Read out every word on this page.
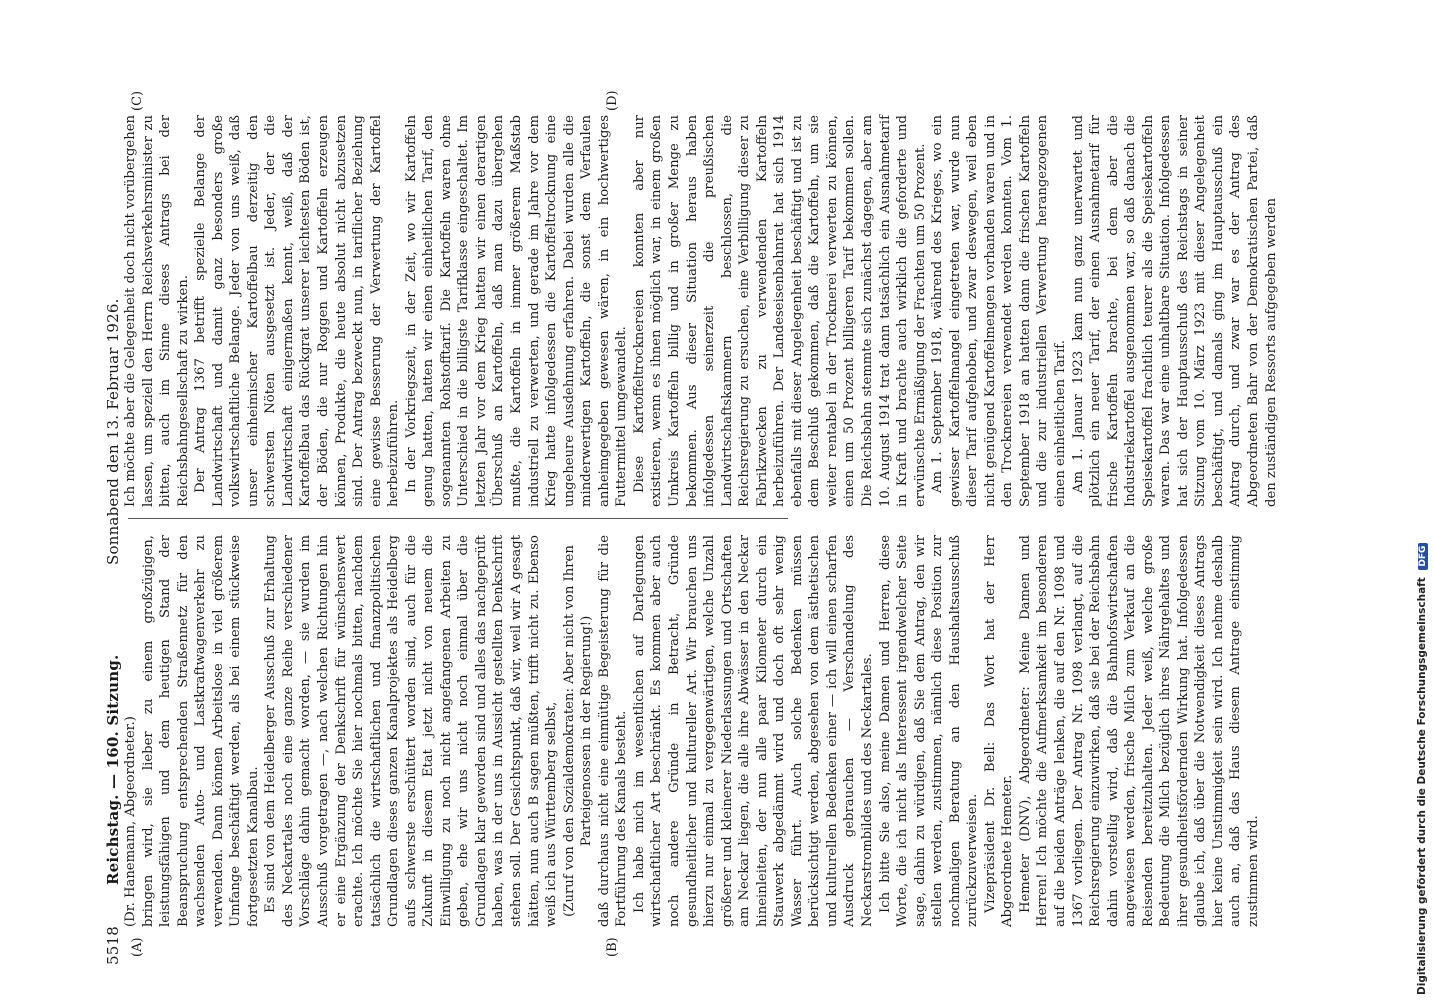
5518
Reichstag. — 160. Sitzung.
Sonnabend den 13. Februar 1926.
(A)	(B)
(C)	(D)

(Dr. Hanemann, Abgeordneter.) bringen wird, sie lieber zu einem großzügigen, leistungsfähigen und dem heutigen Stand der Beanspruchung entsprechenden Straßennetz für den wachsenden Auto- und Lastkraftwagenverkehr zu verwenden. Dann können Arbeitslose in viel größerem Umfange beschäftigt werden, als bei einem stückweise fortgesetzten Kanalbau. Es sind von dem Heidelberger Ausschuß zur Erhaltung des Neckartales noch eine ganze Reihe verschiedener Vorschläge dahin gemacht worden, — sie wurden im Ausschuß vorgetragen —, nach welchen Richtungen hin er eine Ergänzung der Denkschrift für wünschenswert erachte. Ich möchte Sie hier nochmals bitten, nachdem tatsächlich die wirtschaftlichen und finanzpolitischen Grundlagen dieses ganzen Kanalprojektes als Heidelberg aufs schwerste erschüttert worden sind, auch für die Zukunft in diesem Etat jetzt nicht von neuem die Einwilligung zu noch nicht angefangenen Arbeiten zu geben, ehe wir uns nicht noch einmal über die Grundlagen klar geworden sind und alles das nachgeprüft haben, was in der uns in Aussicht gestellten Denkschrift stehen soll. Der Gesichtspunkt, daß wir, weil wir A gesagt hätten, nun auch B sagen müßten, trifft nicht zu. Ebenso weiß ich aus Württemberg selbst, (Zuruf von den Sozialdemokraten: Aber nicht von Ihren Parteigenossen in der Regierung!) daß durchaus nicht eine einmütige Begeisterung für die Fortführung des Kanals besteht. Ich habe mich im wesentlichen auf Darlegungen wirtschaftlicher Art beschränkt. Es kommen aber auch noch andere Gründe in Betracht, Gründe gesundheitlicher und kultureller Art. Wir brauchen uns hierzu nur einmal zu vergegenwärtigen, welche Unzahl größerer und kleinerer Niederlassungen und Ortschaften am Neckar liegen, die alle ihre Abwässer in den Neckar hineinleiten, der nun alle paar Kilometer durch ein Stauwerk abgedämmt wird und doch oft sehr wenig Wasser führt. Auch solche Bedenken müssen berücksichtigt werden, abgesehen von dem ästhetischen und kulturellen Bedenken einer — ich will einen scharfen Ausdruck gebrauchen — Verschandelung des Neckarstrombildes und des Neckartales. Ich bitte Sie also, meine Damen und Herren, diese Worte, die ich nicht als Interessent irgendwelcher Seite sage, dahin zu würdigen, daß Sie dem Antrag, den wir stellen werden, zustimmen, nämlich diese Position zur nochmaligen Beratung an den Haushaltsausschuß zurückzuverweisen. Vizepräsident Dr. Bell: Das Wort hat der Herr Abgeordnete Hemeter. Hemeter (DNV), Abgeordneter: Meine Damen und Herren! Ich möchte die Aufmerksamkeit im besonderen auf die beiden Anträge lenken, die auf den Nr. 1098 und 1367 vorliegen. Der Antrag Nr. 1098 verlangt, auf die Reichsregierung einzuwirken, daß sie bei der Reichsbahn dahin vorstellig wird, daß die Bahnhofswirtschaften angewiesen werden, frische Milch zum Verkauf an die Reisenden bereitzuhalten. Jeder weiß, welche große Bedeutung die Milch bezüglich ihres Nährgehaltes und ihrer gesundheitsfördernden Wirkung hat. Infolgedessen glaube ich, daß über die Notwendigkeit dieses Antrags hier keine Unstimmigkeit sein wird. Ich nehme deshalb auch an, daß das Haus diesem Antrage einstimmig zustimmen wird.

Ich möchte aber die Gelegenheit doch nicht vorübergehen lassen, um speziell den Herrn Reichsverkehrsminister zu bitten, auch im Sinne dieses Antrags bei der Reichsbahngesellschaft zu wirken. Der Antrag 1367 betrifft spezielle Belange der Landwirtschaft und damit ganz besonders große volkswirtschaftliche Belange. Jeder von uns weiß, daß unser einheimischer Kartoffelbau derzeitig den schwersten Nöten ausgesetzt ist. Jeder, der die Landwirtschaft einigermaßen kennt, weiß, daß der Kartoffelbau das Rückgrat unserer leichtesten Böden ist, der Böden, die nur Roggen und Kartoffeln erzeugen können, Produkte, die heute absolut nicht abzusetzen sind. Der Antrag bezweckt nun, in tariflicher Beziehung eine gewisse Besserung der Verwertung der Kartoffel herbeizuführen. In der Vorkriegszeit, in der Zeit, wo wir Kartoffeln genug hatten, hatten wir einen einheitlichen Tarif, den sogenannten Rohstofftarif. Die Kartoffeln waren ohne Unterschied in die billigste Tarifklasse eingeschaltet. Im letzten Jahr vor dem Krieg hatten wir einen derartigen Überschuß an Kartoffeln, daß man dazu übergehen mußte, die Kartoffeln in immer größerem Maßstab industriell zu verwerten, und gerade im Jahre vor dem Krieg hatte infolgedessen die Kartoffeltrocknung eine ungeheure Ausdehnung erfahren. Dabei wurden alle die minderwertigen Kartoffeln, die sonst dem Verfaulen anheimgegeben gewesen wären, in ein hochwertiges Futtermittel umgewandelt. Diese Kartoffeltrocknereien konnten aber nur existieren, wenn es ihnen möglich war, in einem großen Umkreis Kartoffeln billig und in großer Menge zu bekommen. Aus dieser Situation heraus haben infolgedessen seinerzeit die preußischen Landwirtschaftskammern beschlossen, die Reichsregierung zu ersuchen, eine Verbilligung dieser zu Fabrikzwecken zu verwendenden Kartoffeln herbeizuführen. Der Landeseisenbahnrat hat sich 1914 ebenfalls mit dieser Angelegenheit beschäftigt und ist zu dem Beschluß gekommen, daß die Kartoffeln, um sie weiter rentabel in der Trocknerei verwerten zu können, einen um 50 Prozent billigeren Tarif bekommen sollen. Die Reichsbahn stemmte sich zunächst dagegen, aber am 10. August 1914 trat dann tatsächlich ein Ausnahmetarif in Kraft und brachte auch wirklich die geforderte und erwünschte Ermäßigung der Frachten um 50 Prozent. Am 1. September 1918, während des Krieges, wo ein gewisser Kartoffelmangel eingetreten war, wurde nun dieser Tarif aufgehoben, und zwar deswegen, weil eben nicht genügend Kartoffelmengen vorhanden waren und in den Trocknereien verwendet werden konnten. Vom 1. September 1918 an hatten dann die frischen Kartoffeln und die zur industriellen Verwertung herangezogenen einen einheitlichen Tarif. Am 1. Januar 1923 kam nun ganz unerwartet und plötzlich ein neuer Tarif, der einen Ausnahmetarif für frische Kartoffeln brachte, bei dem aber die Industriekartoffel ausgenommen war, so daß danach die Speisekartoffel frachtlich teurer als die Speisekartoffeln waren. Das war eine unhaltbare Situation. Infolgedessen hat sich der Hauptausschuß des Reichstags in seiner Sitzung vom 10. März 1923 mit dieser Angelegenheit beschäftigt, und damals ging im Hauptausschuß ein Antrag durch, und zwar war es der Antrag des Abgeordneten Bahr von der Demokratischen Partei, daß den zuständigen Ressorts aufgegeben werden

Digitalisierung gefördert durch die Deutsche Forschungsgemeinschaft DFG
